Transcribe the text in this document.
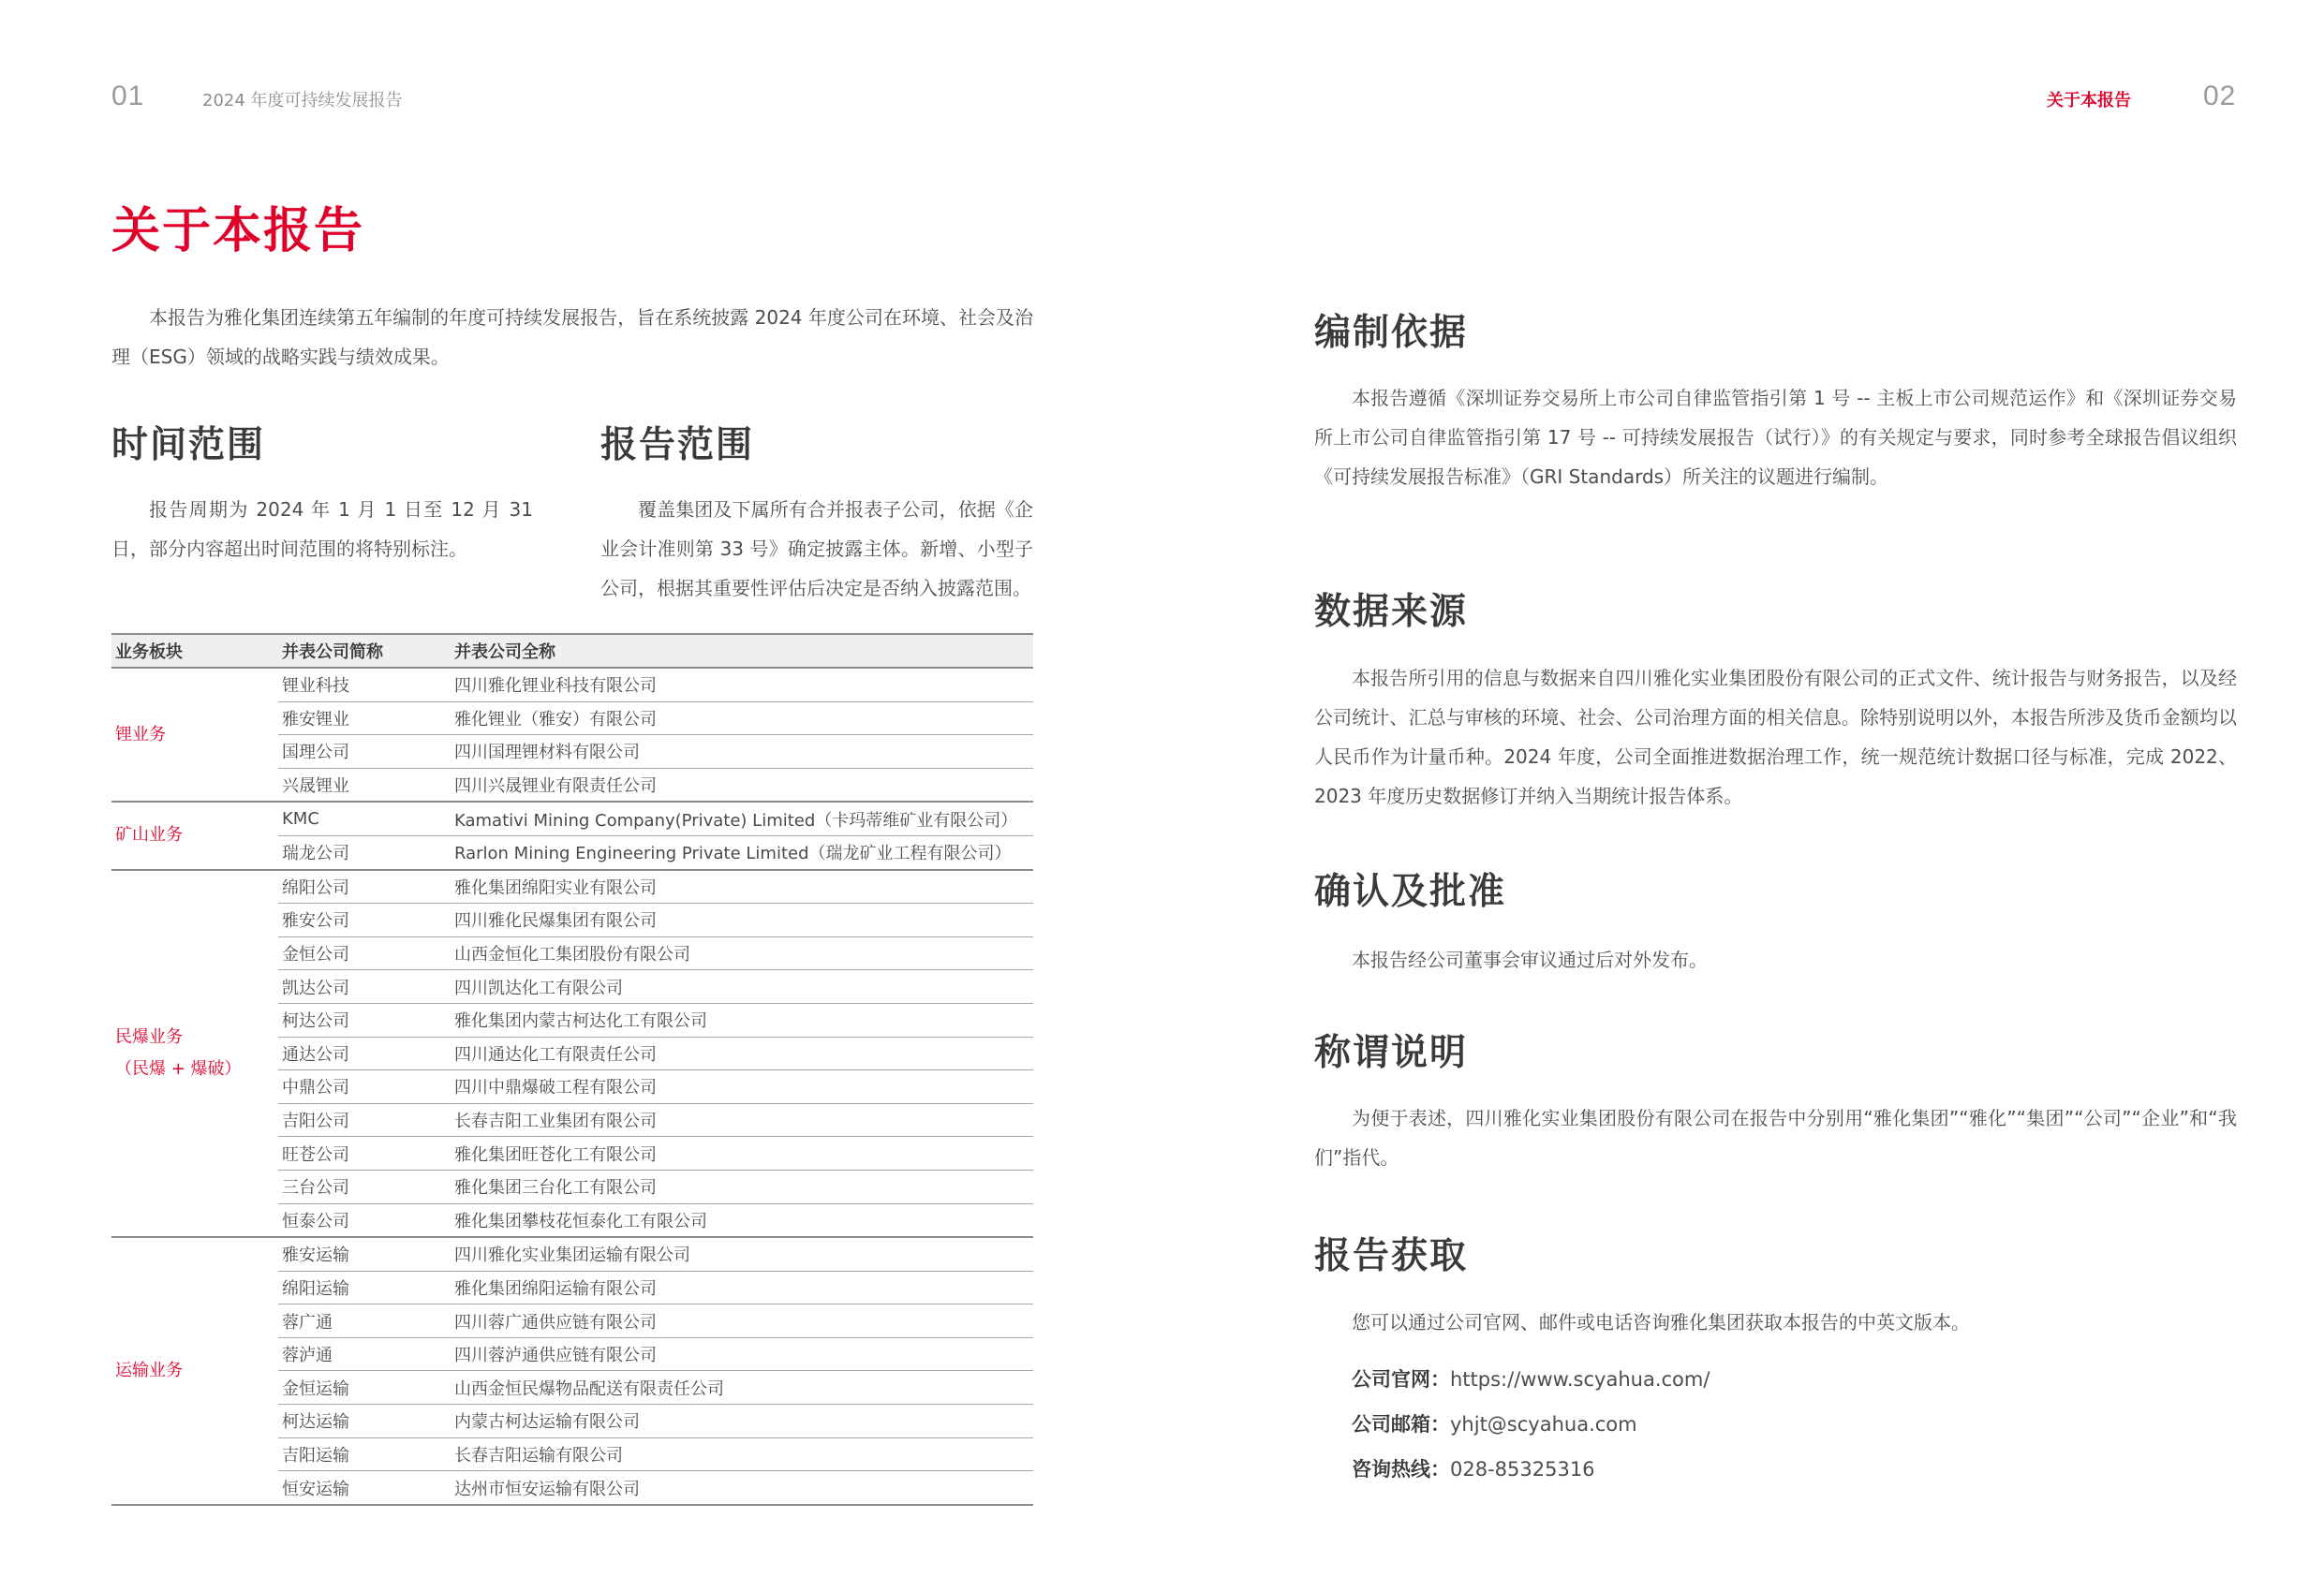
01	2024 年度可持续发展报告	关于本报告	02
关于本报告

本报告为雅化集团连续第五年编制的年度可持续发展报告，旨在系统披露 2024 年度公司在环境、社会及治理（ESG）领域的战略实践与绩效成果。

时间范围

报告周期为 2024 年 1 月 1 日至 12 月 31 日，部分内容超出时间范围的将特别标注。

报告范围

覆盖集团及下属所有合并报表子公司，依据《企业会计准则第 33 号》确定披露主体。新增、小型子公司，根据其重要性评估后决定是否纳入披露范围。

业务板块	并表公司简称	并表公司全称

锂业务	锂业科技	四川雅化锂业科技有限公司
	雅安锂业	雅化锂业（雅安）有限公司
	国理公司	四川国理锂材料有限公司
	兴晟锂业	四川兴晟锂业有限责任公司

矿山业务	KMC	Kamativi Mining Company(Private) Limited（卡玛蒂维矿业有限公司）
	瑞龙公司	Rarlon Mining Engineering Private Limited（瑞龙矿业工程有限公司）

民爆业务
（民爆 + 爆破）	绵阳公司	雅化集团绵阳实业有限公司
	雅安公司	四川雅化民爆集团有限公司
	金恒公司	山西金恒化工集团股份有限公司
	凯达公司	四川凯达化工有限公司
	柯达公司	雅化集团内蒙古柯达化工有限公司
	通达公司	四川通达化工有限责任公司
	中鼎公司	四川中鼎爆破工程有限公司
	吉阳公司	长春吉阳工业集团有限公司
	旺苍公司	雅化集团旺苍化工有限公司
	三台公司	雅化集团三台化工有限公司
	恒泰公司	雅化集团攀枝花恒泰化工有限公司

运输业务	雅安运输	四川雅化实业集团运输有限公司
	绵阳运输	雅化集团绵阳运输有限公司
	蓉广通	四川蓉广通供应链有限公司
	蓉泸通	四川蓉泸通供应链有限公司
	金恒运输	山西金恒民爆物品配送有限责任公司
	柯达运输	内蒙古柯达运输有限公司
	吉阳运输	长春吉阳运输有限公司
	恒安运输	达州市恒安运输有限公司
编制依据

本报告遵循《深圳证券交易所上市公司自律监管指引第 1 号 -- 主板上市公司规范运作》和《深圳证券交易所上市公司自律监管指引第 17 号 -- 可持续发展报告（试行）》的有关规定与要求，同时参考全球报告倡议组织《可持续发展报告标准》（GRI Standards）所关注的议题进行编制。

数据来源

本报告所引用的信息与数据来自四川雅化实业集团股份有限公司的正式文件、统计报告与财务报告，以及经公司统计、汇总与审核的环境、社会、公司治理方面的相关信息。除特别说明以外，本报告所涉及货币金额均以人民币作为计量币种。2024 年度，公司全面推进数据治理工作，统一规范统计数据口径与标准，完成 2022、2023 年度历史数据修订并纳入当期统计报告体系。

确认及批准

本报告经公司董事会审议通过后对外发布。

称谓说明

为便于表述，四川雅化实业集团股份有限公司在报告中分别用“雅化集团”“雅化”“集团”“公司”“企业”和“我们”指代。

报告获取

您可以通过公司官网、邮件或电话咨询雅化集团获取本报告的中英文版本。

公司官网：https://www.scyahua.com/
公司邮箱：yhjt@scyahua.com
咨询热线：028-85325316
